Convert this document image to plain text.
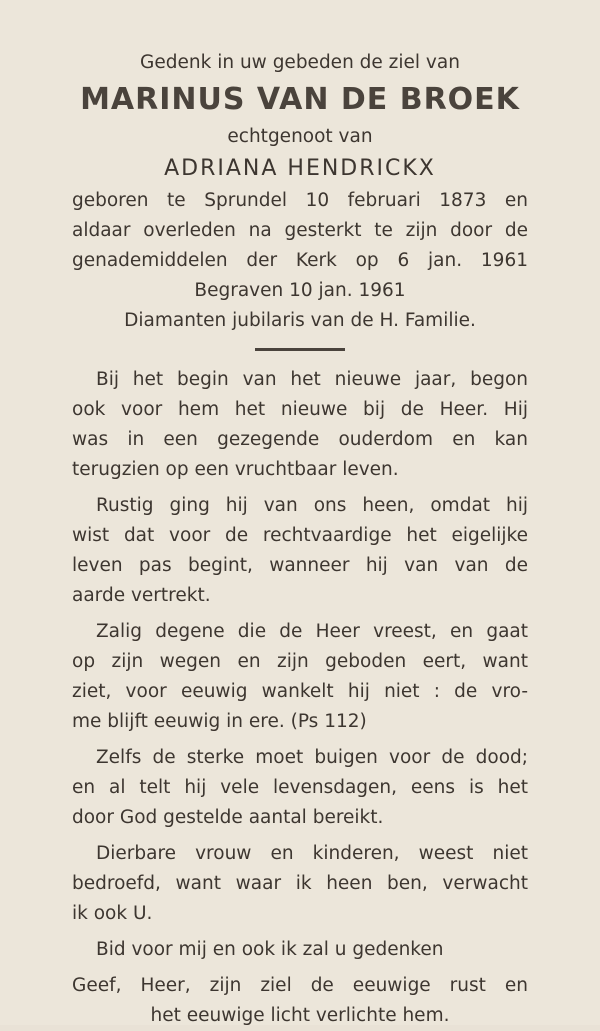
Gedenk in uw gebeden de ziel van
MARINUS VAN DE BROEK
echtgenoot van
ADRIANA HENDRICKX
geboren te Sprundel 10 februari 1873 en
aldaar overleden na gesterkt te zijn door de
genademiddelen der Kerk op 6 jan. 1961
Begraven 10 jan. 1961
Diamanten jubilaris van de H. Familie.
Bij het begin van het nieuwe jaar, begon
ook voor hem het nieuwe bij de Heer. Hij
was in een gezegende ouderdom en kan
terugzien op een vruchtbaar leven.
Rustig ging hij van ons heen, omdat hij
wist dat voor de rechtvaardige het eigelijke
leven pas begint, wanneer hij van van de
aarde vertrekt.
Zalig degene die de Heer vreest, en gaat
op zijn wegen en zijn geboden eert, want
ziet, voor eeuwig wankelt hij niet : de vro-
me blijft eeuwig in ere. (Ps 112)
Zelfs de sterke moet buigen voor de dood;
en al telt hij vele levensdagen, eens is het
door God gestelde aantal bereikt.
Dierbare vrouw en kinderen, weest niet
bedroefd, want waar ik heen ben, verwacht
ik ook U.
Bid voor mij en ook ik zal u gedenken
Geef, Heer, zijn ziel de eeuwige rust en
het eeuwige licht verlichte hem.
